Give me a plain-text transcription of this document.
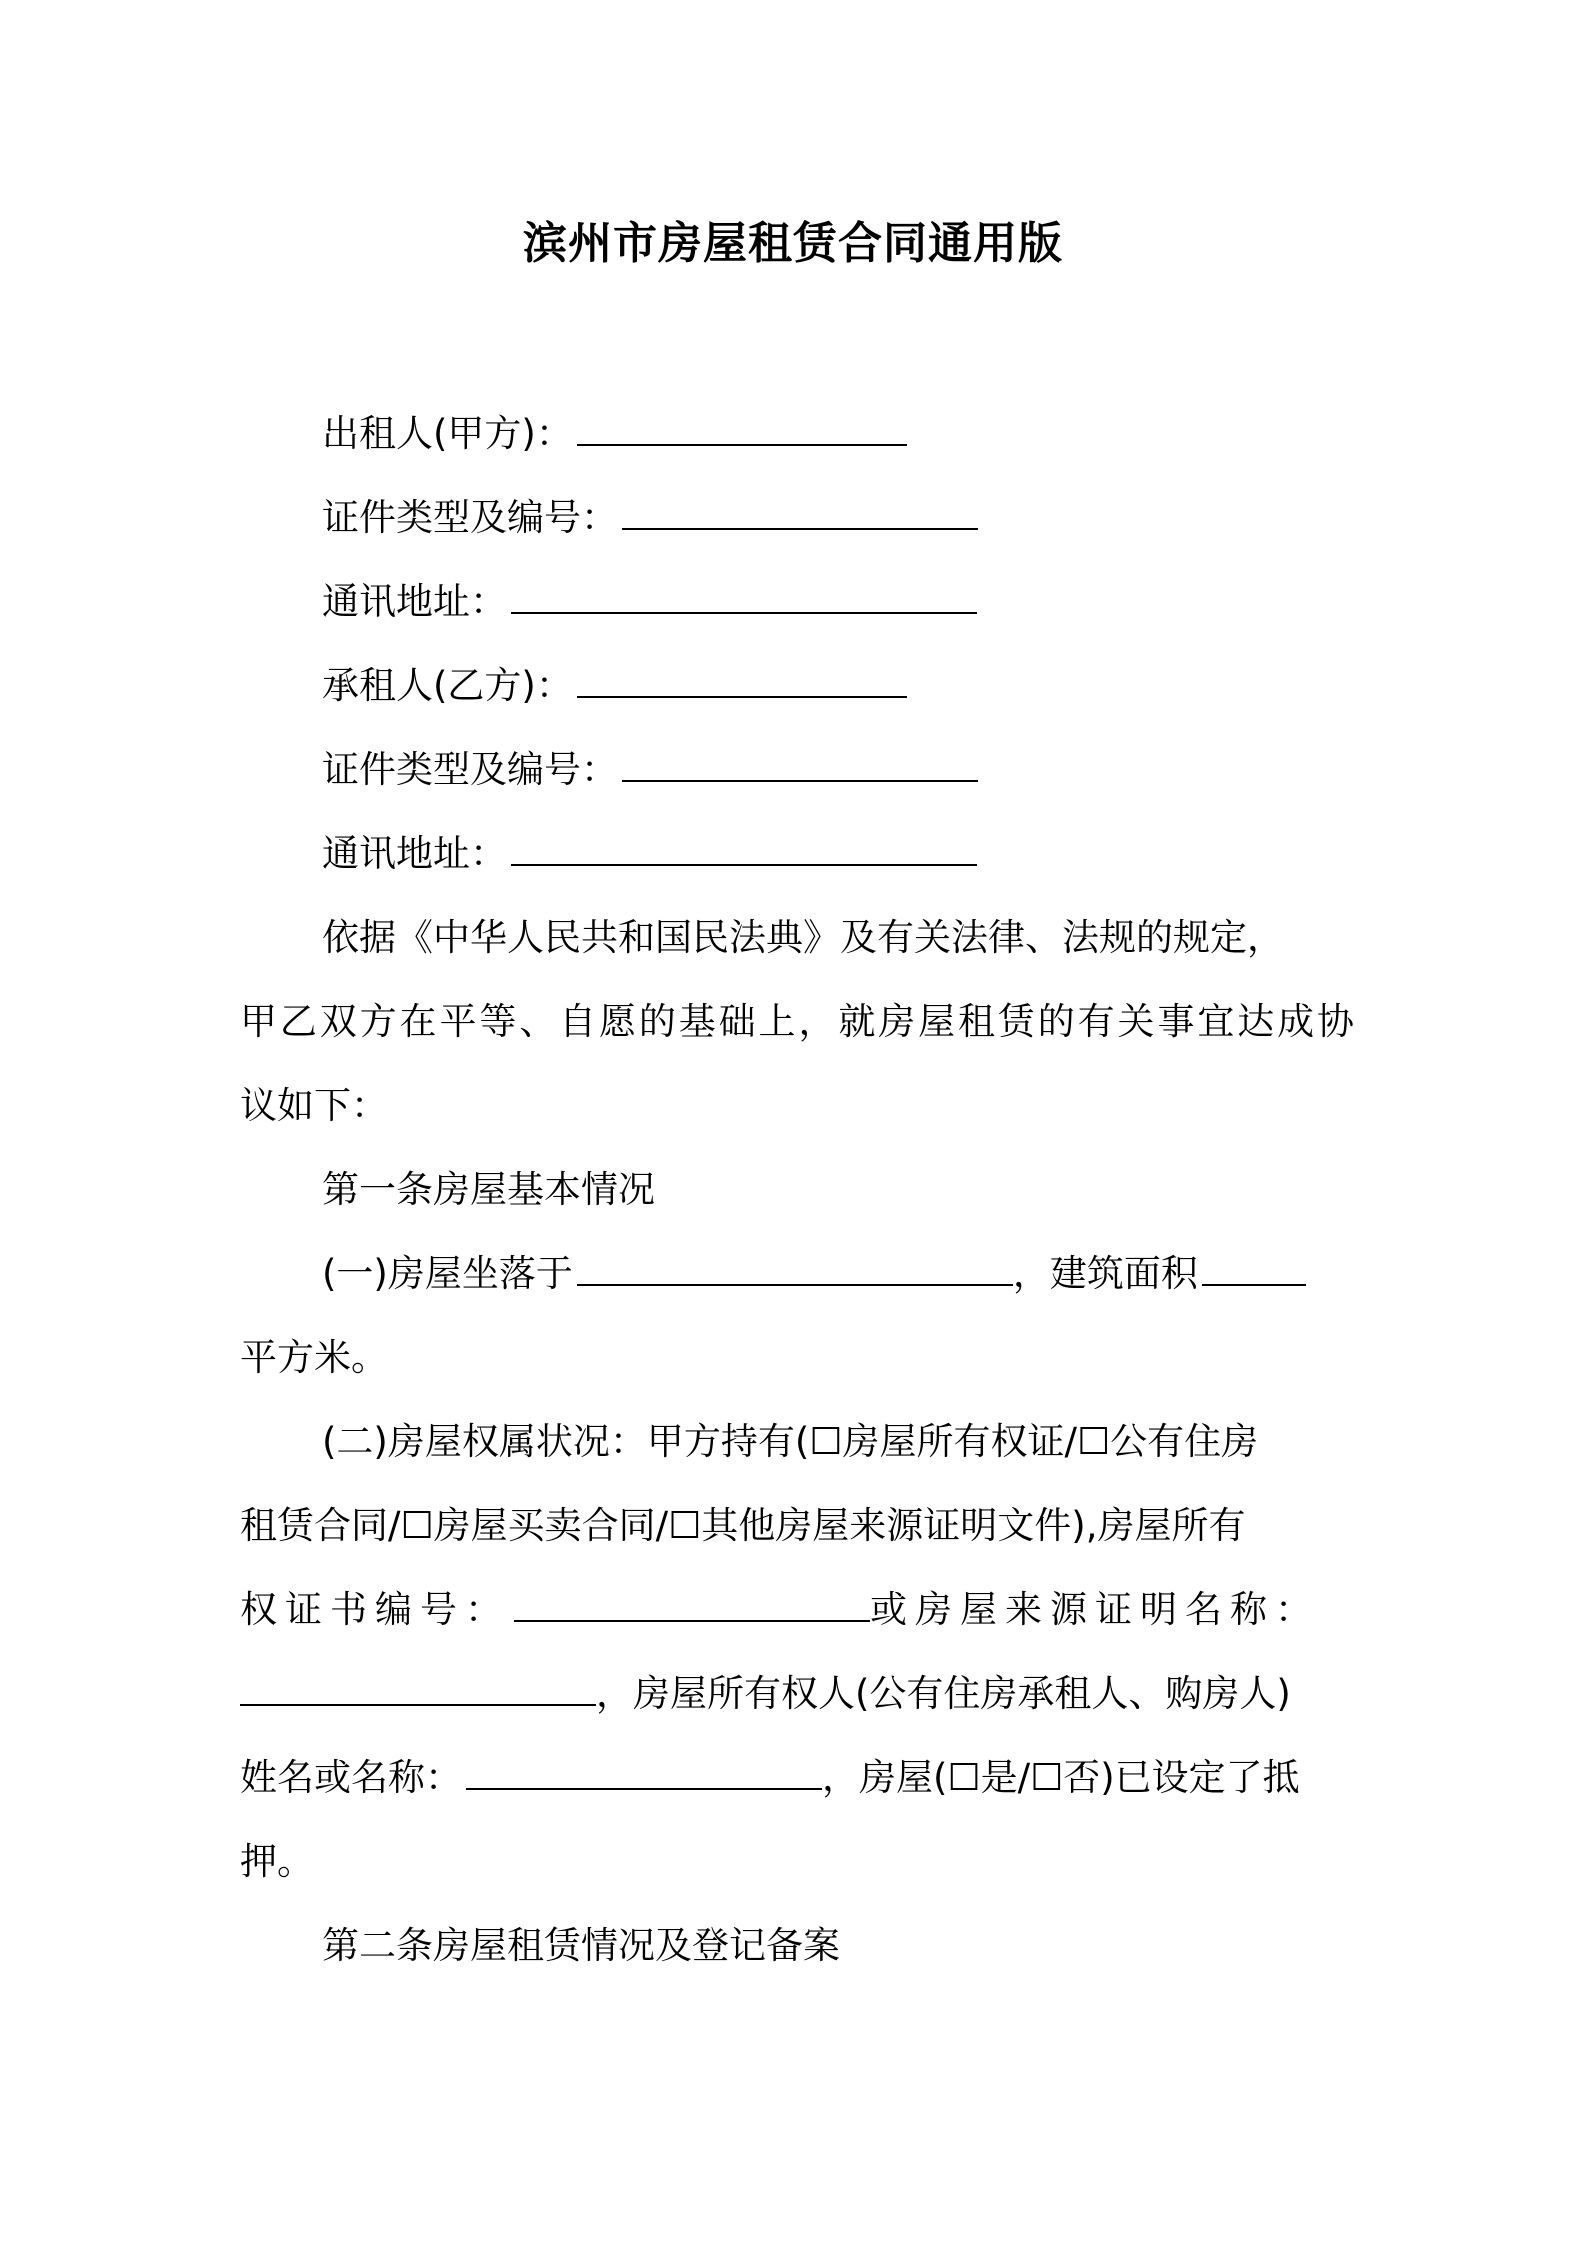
滨州市房屋租赁合同通用版
出租人(甲方)：
证件类型及编号：
通讯地址：
承租人(乙方)：
证件类型及编号：
通讯地址：
依据《中华人民共和国民法典》及有关法律、法规的规定，
甲乙双方在平等、自愿的基础上，就房屋租赁的有关事宜达成协
议如下：
第一条房屋基本情况
(一)房屋坐落于	，建筑面积
平方米。
(二)房屋权属状况：甲方持有(☐房屋所有权证/☐公有住房
租赁合同/☐房屋买卖合同/☐其他房屋来源证明文件),房屋所有
权证书编号：	或房屋来源证明名称：
，房屋所有权人(公有住房承租人、购房人)
姓名或名称：	，房屋(☐是/☐否)已设定了抵
押。
第二条房屋租赁情况及登记备案
